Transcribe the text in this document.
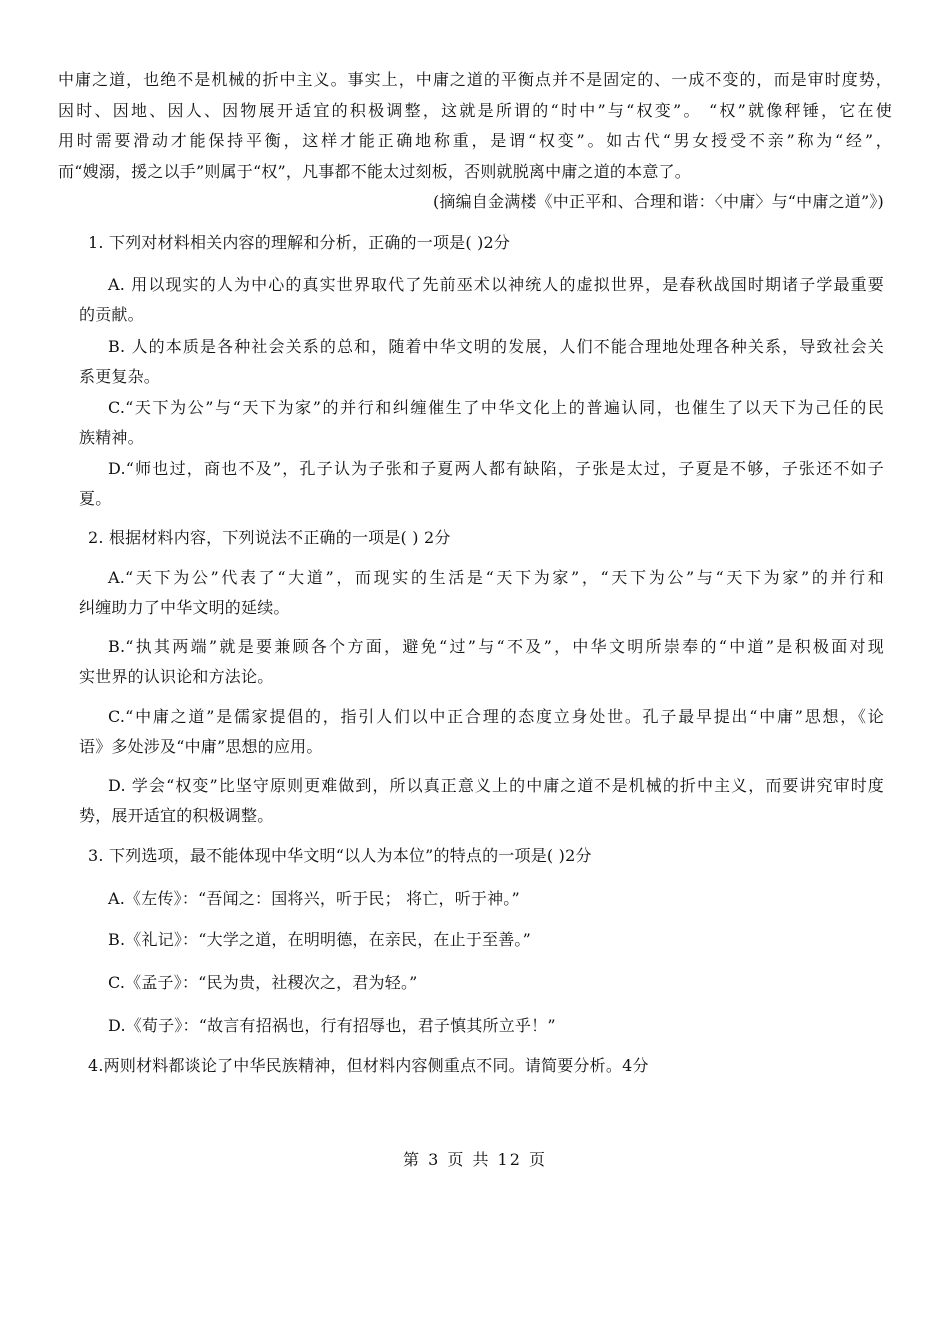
中庸之道，也绝不是机械的折中主义。事实上，中庸之道的平衡点并不是固定的、一成不变的，而是审时度势，
因时、因地、因人、因物展开适宜的积极调整，这就是所谓的“时中”与“权变”。 “权”就像秤锤，它在使
用时需要滑动才能保持平衡，这样才能正确地称重，是谓“权变”。如古代“男女授受不亲”称为“经”，
而“嫂溺，援之以手”则属于“权”，凡事都不能太过刻板，否则就脱离中庸之道的本意了。
(摘编自金满楼《中正平和、合理和谐：〈中庸〉与“中庸之道”》)
1. 下列对材料相关内容的理解和分析，正确的一项是( )2分
A. 用以现实的人为中心的真实世界取代了先前巫术以神统人的虚拟世界，是春秋战国时期诸子学最重要
的贡献。
B. 人的本质是各种社会关系的总和，随着中华文明的发展，人们不能合理地处理各种关系，导致社会关
系更复杂。
C.“天下为公”与“天下为家”的并行和纠缠催生了中华文化上的普遍认同，也催生了以天下为己任的民
族精神。
D.“师也过，商也不及”，孔子认为子张和子夏两人都有缺陷，子张是太过，子夏是不够，子张还不如子
夏。
2. 根据材料内容，下列说法不正确的一项是( ) 2分
A.“天下为公”代表了“大道”，而现实的生活是“天下为家”，“天下为公”与“天下为家”的并行和
纠缠助力了中华文明的延续。
B.“执其两端”就是要兼顾各个方面，避免“过”与“不及”，中华文明所崇奉的“中道”是积极面对现
实世界的认识论和方法论。
C.“中庸之道”是儒家提倡的，指引人们以中正合理的态度立身处世。孔子最早提出“中庸”思想，《论
语》多处涉及“中庸”思想的应用。
D. 学会“权变”比坚守原则更难做到，所以真正意义上的中庸之道不是机械的折中主义，而要讲究审时度
势，展开适宜的积极调整。
3. 下列选项，最不能体现中华文明“以人为本位”的特点的一项是( )2分
A.《左传》：“吾闻之：国将兴，听于民； 将亡，听于神。”
B.《礼记》：“大学之道，在明明德，在亲民，在止于至善。”
C.《孟子》：“民为贵，社稷次之，君为轻。”
D.《荀子》：“故言有招祸也，行有招辱也，君子慎其所立乎！”
4.两则材料都谈论了中华民族精神，但材料内容侧重点不同。请简要分析。4分
第 3 页 共 12 页
